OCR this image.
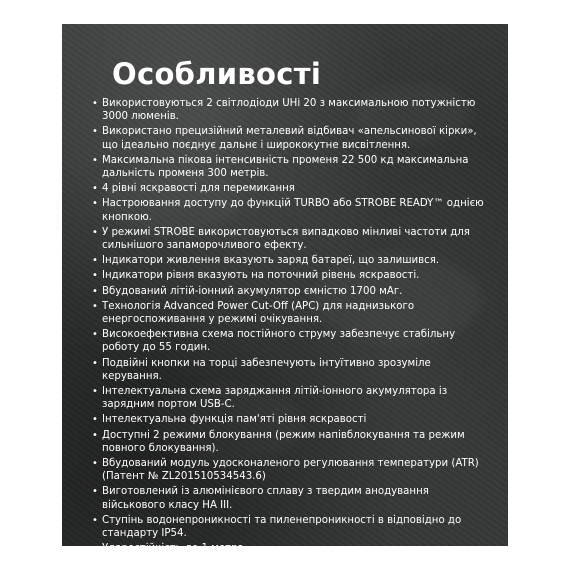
Особливості
• Використовуються 2 світлодіоди UHi 20 з максимальною потужністю 3000 люменів.
• Використано прецизійний металевий відбивач «апельсинової кірки», що ідеально поєднує дальнє і ширококутне висвітлення.
• Максимальна пікова інтенсивність променя 22 500 кд максимальна дальність променя 300 метрів.
• 4 рівні яскравості для перемикання
• Настроювання доступу до функцій TURBO або STROBE READY™ однією кнопкою.
• У режимі STROBE використовуються випадково мінливі частоти для сильнішого запаморочливого ефекту.
• Індикатори живлення вказують заряд батареї, що залишився.
• Індикатори рівня вказують на поточний рівень яскравості.
• Вбудований літій-іонний акумулятор ємністю 1700 мАг.
• Технологія Advanced Power Cut-Off (APC) для наднизького енергоспоживання у режимі очікування.
• Високоефективна схема постійного струму забезпечує стабільну роботу до 55 годин.
• Подвійні кнопки на торці забезпечують інтуїтивно зрозуміле керування.
• Інтелектуальна схема заряджання літій-іонного акумулятора із зарядним портом USB-C.
• Інтелектуальна функція пам'яті рівня яскравості
• Доступні 2 режими блокування (режим напівблокування та режим повного блокування).
• Вбудований модуль удосконаленого регулювання температури (ATR) (Патент № ZL201510534543.6)
• Виготовлений із алюмінієвого сплаву з твердим анодування військового класу HA III.
• Ступінь водонепроникності та пиленепроникності в відповідно до стандарту IP54.
• Ударостійкість до 1 метра.
